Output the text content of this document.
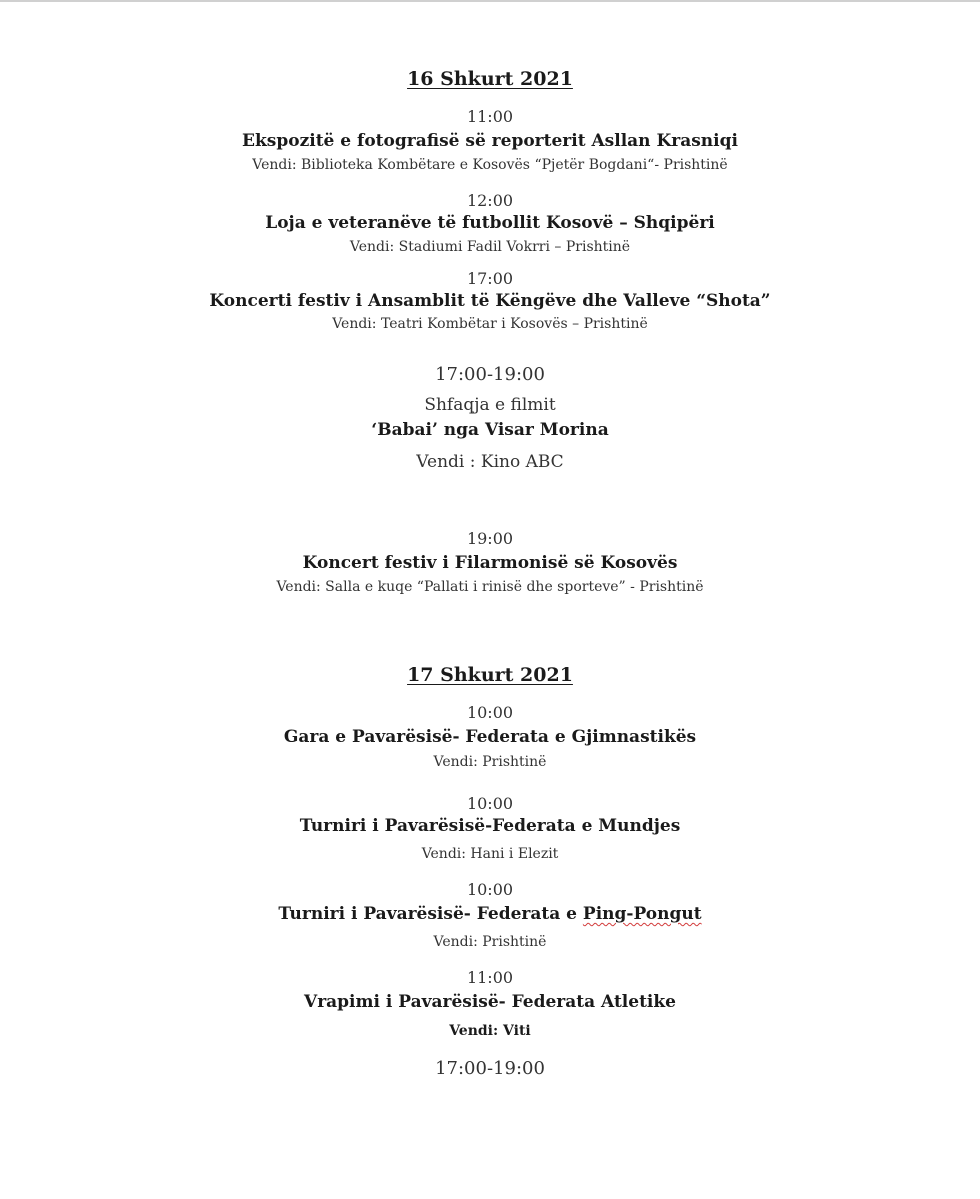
16 Shkurt 2021
11:00
Ekspozitë e fotografisë së reporterit Asllan Krasniqi
Vendi: Biblioteka Kombëtare e Kosovës “Pjetër Bogdani“- Prishtinë
12:00
Loja e veteranëve të futbollit Kosovë – Shqipëri
Vendi: Stadiumi Fadil Vokrri – Prishtinë
17:00
Koncerti festiv i Ansamblit të Këngëve dhe Valleve “Shota”
Vendi: Teatri Kombëtar i Kosovës – Prishtinë
17:00-19:00
Shfaqja e filmit
‘Babai’ nga Visar Morina
Vendi : Kino ABC
19:00
Koncert festiv i Filarmonisë së Kosovës
Vendi: Salla e kuqe “Pallati i rinisë dhe sporteve” - Prishtinë
17 Shkurt 2021
10:00
Gara e Pavarësisë- Federata e Gjimnastikës
Vendi: Prishtinë
10:00
Turniri i Pavarësisë-Federata e Mundjes
Vendi: Hani i Elezit
10:00
Turniri i Pavarësisë- Federata e Ping-Pongut
Vendi: Prishtinë
11:00
Vrapimi i Pavarësisë- Federata Atletike
Vendi: Viti
17:00-19:00
